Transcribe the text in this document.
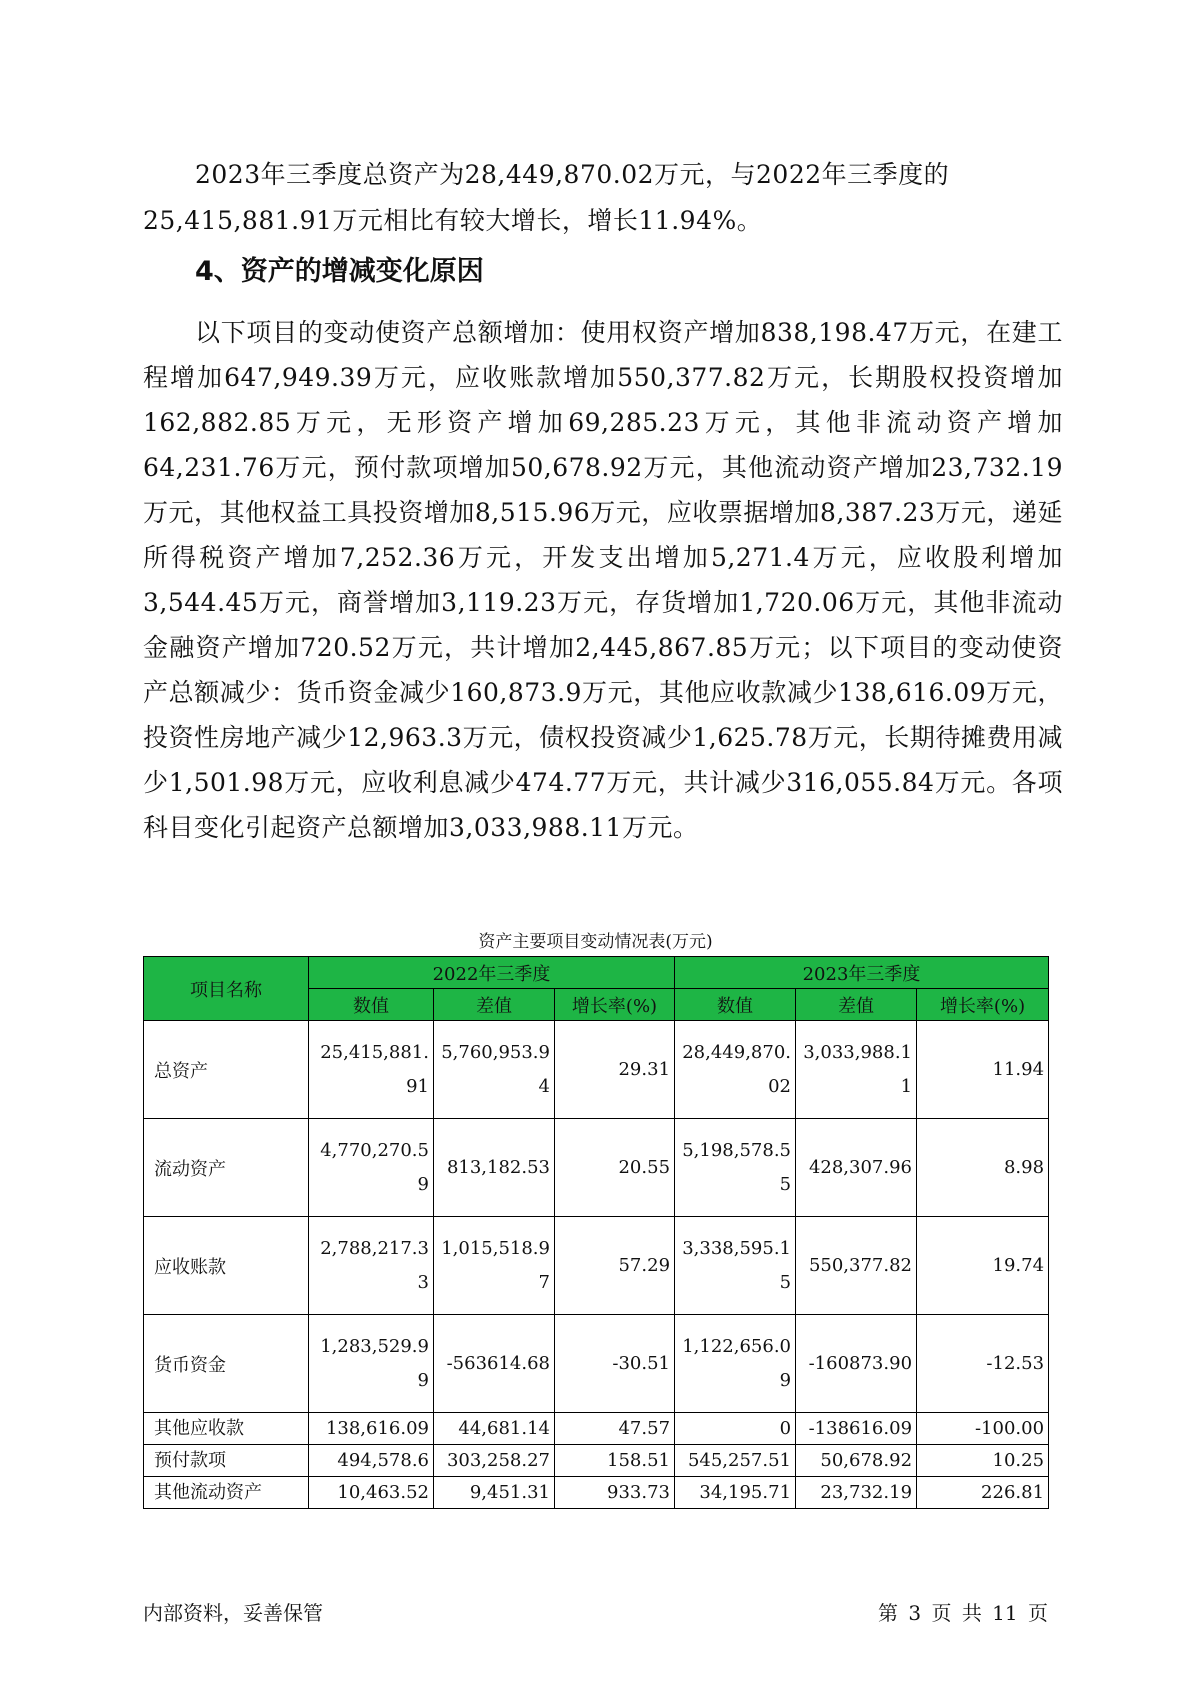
2023年三季度总资产为28,449,870.02万元，与2022年三季度的25,415,881.91万元相比有较大增长，增长11.94%。

4、资产的增减变化原因

以下项目的变动使资产总额增加：使用权资产增加838,198.47万元，在建工程增加647,949.39万元，应收账款增加550,377.82万元，长期股权投资增加162,882.85万元，无形资产增加69,285.23万元，其他非流动资产增加64,231.76万元，预付款项增加50,678.92万元，其他流动资产增加23,732.19万元，其他权益工具投资增加8,515.96万元，应收票据增加8,387.23万元，递延所得税资产增加7,252.36万元，开发支出增加5,271.4万元，应收股利增加3,544.45万元，商誉增加3,119.23万元，存货增加1,720.06万元，其他非流动金融资产增加720.52万元，共计增加2,445,867.85万元；以下项目的变动使资产总额减少：货币资金减少160,873.9万元，其他应收款减少138,616.09万元，投资性房地产减少12,963.3万元，债权投资减少1,625.78万元，长期待摊费用减少1,501.98万元，应收利息减少474.77万元，共计减少316,055.84万元。各项科目变化引起资产总额增加3,033,988.11万元。

资产主要项目变动情况表(万元)

项目名称	2022年三季度			2023年三季度		
	数值	差值	增长率(%)	数值	差值	增长率(%)
总资产	25,415,881.91	5,760,953.94	29.31	28,449,870.02	3,033,988.11	11.94
流动资产	4,770,270.59	813,182.53	20.55	5,198,578.55	428,307.96	8.98
应收账款	2,788,217.33	1,015,518.97	57.29	3,338,595.15	550,377.82	19.74
货币资金	1,283,529.99	-563614.68	-30.51	1,122,656.09	-160873.90	-12.53
其他应收款	138,616.09	44,681.14	47.57	0	-138616.09	-100.00
预付款项	494,578.6	303,258.27	158.51	545,257.51	50,678.92	10.25
其他流动资产	10,463.52	9,451.31	933.73	34,195.71	23,732.19	226.81

内部资料，妥善保管	第 3 页 共 11 页
